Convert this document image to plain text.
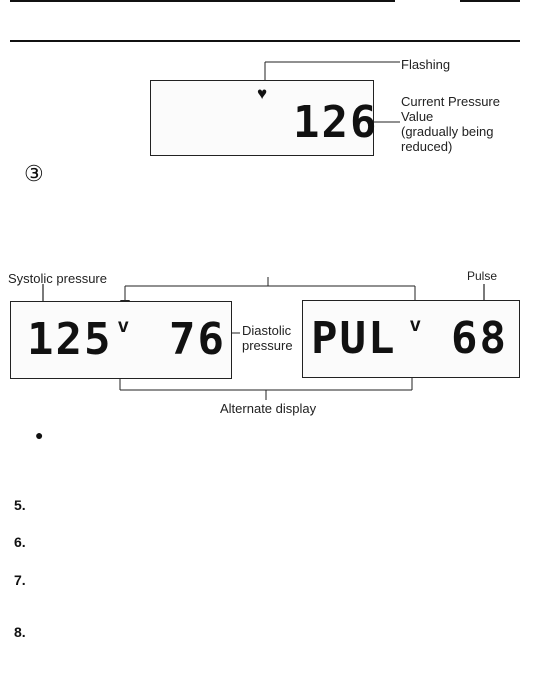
♥
126
Flashing
Current Pressure
Value
(gradually being
reduced)
③
Systolic pressure	Pulse
125 v 76 Diastolic
pressure PUL v 68
Alternate display
●
5.
6.
7.
8.
